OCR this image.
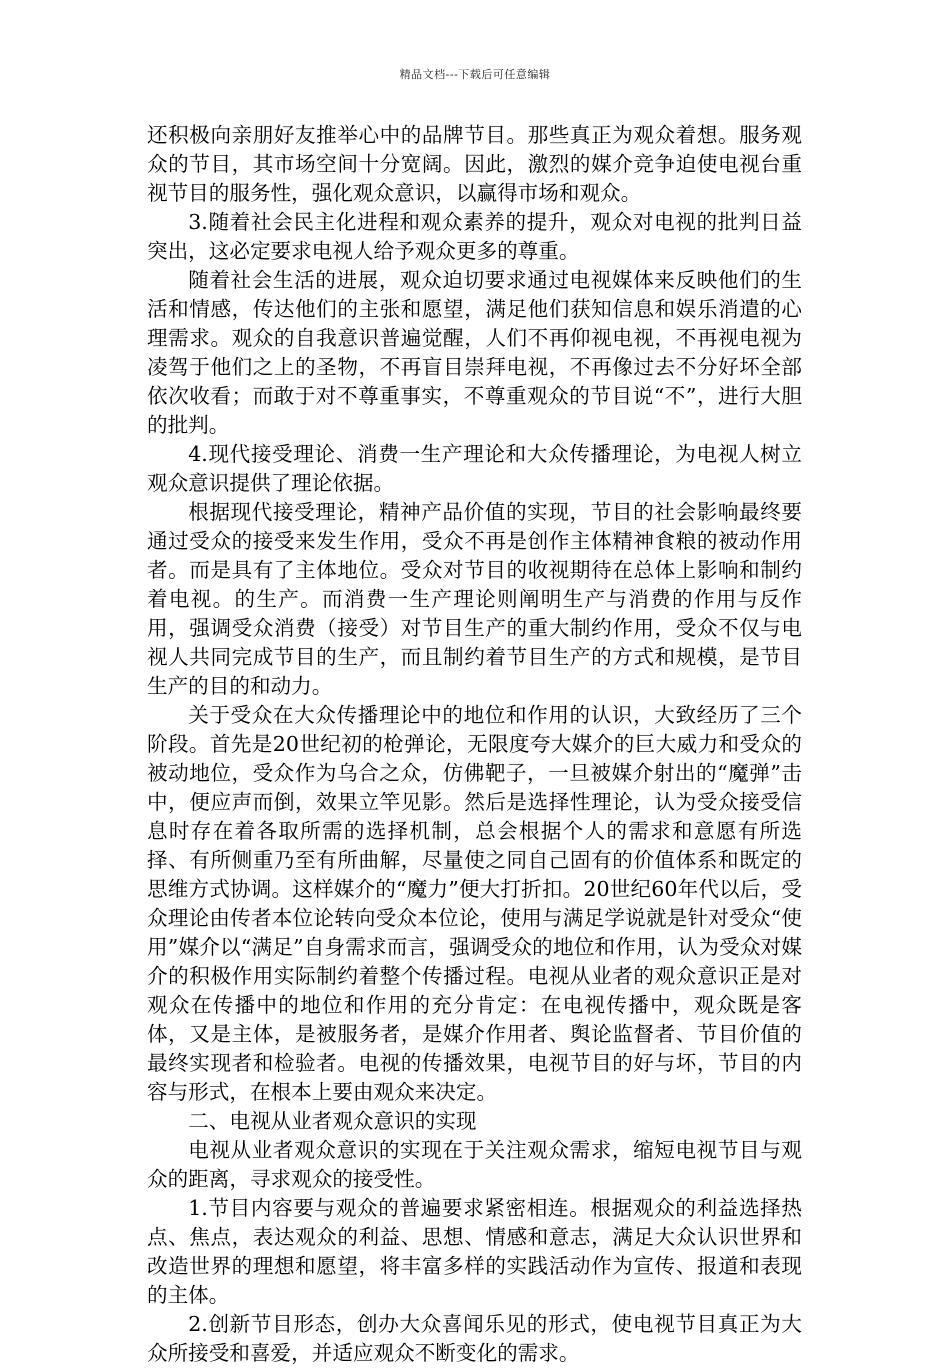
精品文档---下载后可任意编辑

还积极向亲朋好友推举心中的品牌节目。那些真正为观众着想。服务观众的节目，其市场空间十分宽阔。因此，激烈的媒介竞争迫使电视台重视节目的服务性，强化观众意识，以赢得市场和观众。

3.随着社会民主化进程和观众素养的提升，观众对电视的批判日益突出，这必定要求电视人给予观众更多的尊重。

随着社会生活的进展，观众迫切要求通过电视媒体来反映他们的生活和情感，传达他们的主张和愿望，满足他们获知信息和娱乐消遣的心理需求。观众的自我意识普遍觉醒，人们不再仰视电视，不再视电视为凌驾于他们之上的圣物，不再盲目崇拜电视，不再像过去不分好坏全部依次收看；而敢于对不尊重事实，不尊重观众的节目说“不”，进行大胆的批判。

4.现代接受理论、消费一生产理论和大众传播理论，为电视人树立观众意识提供了理论依据。

根据现代接受理论，精神产品价值的实现，节目的社会影响最终要通过受众的接受来发生作用，受众不再是创作主体精神食粮的被动作用者。而是具有了主体地位。受众对节目的收视期待在总体上影响和制约着电视。的生产。而消费一生产理论则阐明生产与消费的作用与反作用，强调受众消费（接受）对节目生产的重大制约作用，受众不仅与电视人共同完成节目的生产，而且制约着节目生产的方式和规模，是节目生产的目的和动力。

关于受众在大众传播理论中的地位和作用的认识，大致经历了三个阶段。首先是20世纪初的枪弹论，无限度夸大媒介的巨大威力和受众的被动地位，受众作为乌合之众，仿佛靶子，一旦被媒介射出的“魔弹”击中，便应声而倒，效果立竿见影。然后是选择性理论，认为受众接受信息时存在着各取所需的选择机制，总会根据个人的需求和意愿有所选择、有所侧重乃至有所曲解，尽量使之同自己固有的价值体系和既定的思维方式协调。这样媒介的“魔力”便大打折扣。20世纪60年代以后，受众理论由传者本位论转向受众本位论，使用与满足学说就是针对受众“使用”媒介以“满足”自身需求而言，强调受众的地位和作用，认为受众对媒介的积极作用实际制约着整个传播过程。电视从业者的观众意识正是对观众在传播中的地位和作用的充分肯定：在电视传播中，观众既是客体，又是主体，是被服务者，是媒介作用者、舆论监督者、节目价值的最终实现者和检验者。电视的传播效果，电视节目的好与坏，节目的内容与形式，在根本上要由观众来决定。

二、电视从业者观众意识的实现

电视从业者观众意识的实现在于关注观众需求，缩短电视节目与观众的距离，寻求观众的接受性。

1.节目内容要与观众的普遍要求紧密相连。根据观众的利益选择热点、焦点，表达观众的利益、思想、情感和意志，满足大众认识世界和改造世界的理想和愿望，将丰富多样的实践活动作为宣传、报道和表现的主体。

2.创新节目形态，创办大众喜闻乐见的形式，使电视节目真正为大众所接受和喜爱，并适应观众不断变化的需求。
